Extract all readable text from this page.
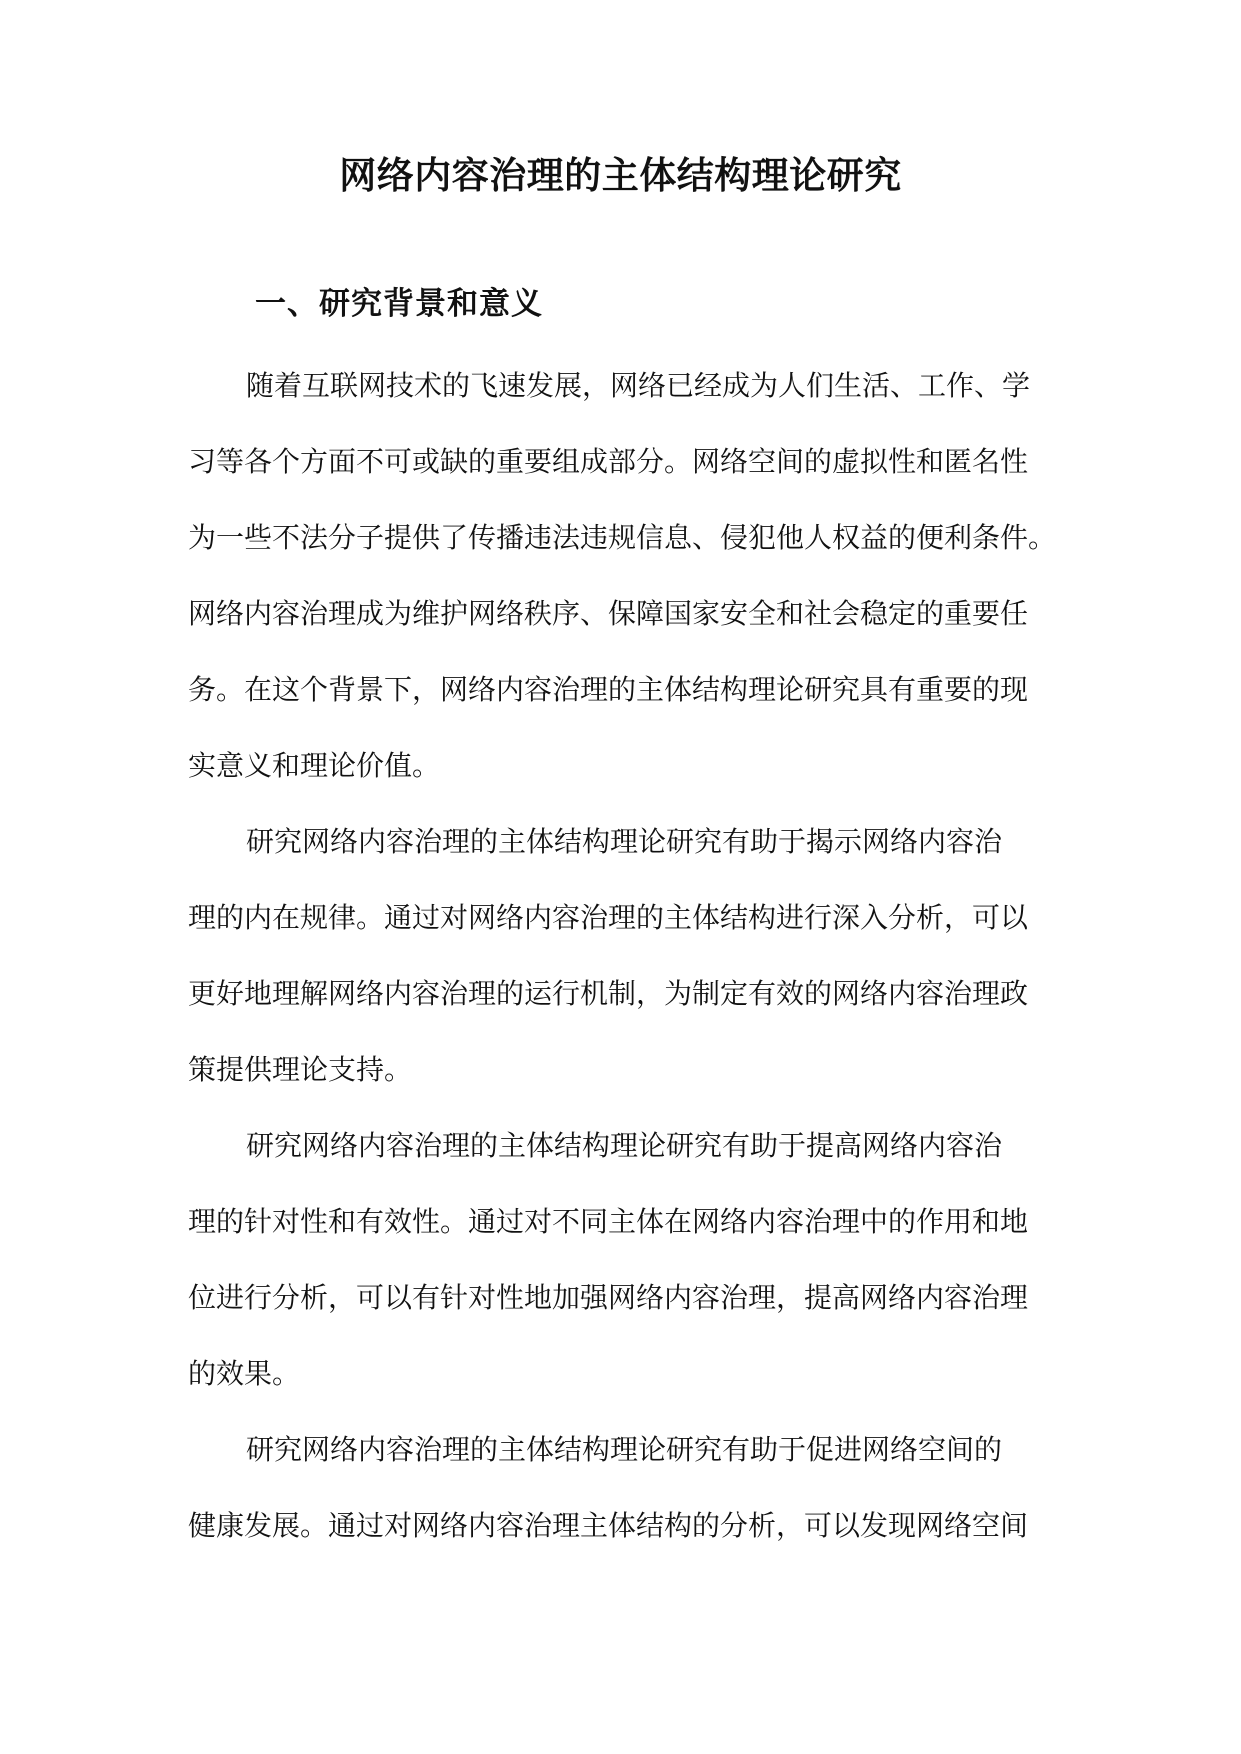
网络内容治理的主体结构理论研究
一、研究背景和意义

随着互联网技术的飞速发展，网络已经成为人们生活、工作、学
习等各个方面不可或缺的重要组成部分。网络空间的虚拟性和匿名性
为一些不法分子提供了传播违法违规信息、侵犯他人权益的便利条件。
网络内容治理成为维护网络秩序、保障国家安全和社会稳定的重要任
务。在这个背景下，网络内容治理的主体结构理论研究具有重要的现
实意义和理论价值。

研究网络内容治理的主体结构理论研究有助于揭示网络内容治
理的内在规律。通过对网络内容治理的主体结构进行深入分析，可以
更好地理解网络内容治理的运行机制，为制定有效的网络内容治理政
策提供理论支持。

研究网络内容治理的主体结构理论研究有助于提高网络内容治
理的针对性和有效性。通过对不同主体在网络内容治理中的作用和地
位进行分析，可以有针对性地加强网络内容治理，提高网络内容治理
的效果。

研究网络内容治理的主体结构理论研究有助于促进网络空间的
健康发展。通过对网络内容治理主体结构的分析，可以发现网络空间
